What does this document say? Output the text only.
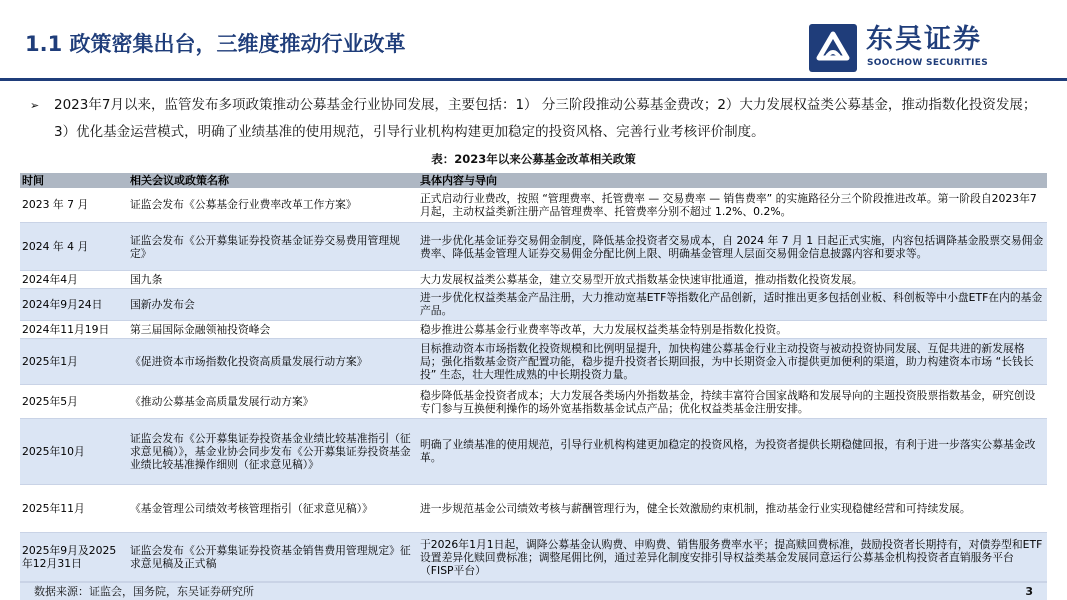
1.1 政策密集出台，三维度推动行业改革	东吴证券
SOOCHOW SECURITIES
➢	2023年7月以来，监管发布多项政策推动公募基金行业协同发展，主要包括：1） 分三阶段推动公募基金费改；2）大力发展权益类公募基金，推动指数化投资发展；3）优化基金运营模式，明确了业绩基准的使用规范，引导行业机构构建更加稳定的投资风格、完善行业考核评价制度。
表：2023年以来公募基金改革相关政策
时间	相关会议或政策名称	具体内容与导向
2023 年 7 月	证监会发布《公募基金行业费率改革工作方案》	正式启动行业费改，按照 “管理费率、托管费率 — 交易费率 — 销售费率” 的实施路径分三个阶段推进改革。第一阶段自2023年7月起，主动权益类新注册产品管理费率、托管费率分别不超过 1.2%、0.2%。
2024 年 4 月	证监会发布《公开募集证券投资基金证券交易费用管理规定》	进一步优化基金证券交易佣金制度，降低基金投资者交易成本，自 2024 年 7 月 1 日起正式实施，内容包括调降基金股票交易佣金费率、降低基金管理人证券交易佣金分配比例上限、明确基金管理人层面交易佣金信息披露内容和要求等。
2024年4月	国九条	大力发展权益类公募基金，建立交易型开放式指数基金快速审批通道，推动指数化投资发展。
2024年9月24日	国新办发布会	进一步优化权益类基金产品注册，大力推动宽基ETF等指数化产品创新，适时推出更多包括创业板、科创板等中小盘ETF在内的基金产品。
2024年11月19日	第三届国际金融领袖投资峰会	稳步推进公募基金行业费率等改革，大力发展权益类基金特别是指数化投资。
2025年1月	《促进资本市场指数化投资高质量发展行动方案》	目标推动资本市场指数化投资规模和比例明显提升，加快构建公募基金行业主动投资与被动投资协同发展、互促共进的新发展格局；强化指数基金资产配置功能，稳步提升投资者长期回报，为中长期资金入市提供更加便利的渠道，助力构建资本市场 “长钱长投” 生态，壮大理性成熟的中长期投资力量。
2025年5月	《推动公募基金高质量发展行动方案》	稳步降低基金投资者成本；大力发展各类场内外指数基金，持续丰富符合国家战略和发展导向的主题投资股票指数基金，研究创设专门参与互换便利操作的场外宽基指数基金试点产品；优化权益类基金注册安排。
2025年10月	证监会发布《公开募集证券投资基金业绩比较基准指引（征求意见稿）》，基金业协会同步发布《公开募集证券投资基金业绩比较基准操作细则（征求意见稿）》	明确了业绩基准的使用规范，引导行业机构构建更加稳定的投资风格，为投资者提供长期稳健回报，有利于进一步落实公募基金改革。
2025年11月	《基金管理公司绩效考核管理指引（征求意见稿）》	进一步规范基金公司绩效考核与薪酬管理行为，健全长效激励约束机制，推动基金行业实现稳健经营和可持续发展。
2025年9月及2025年12月31日	证监会发布《公开募集证券投资基金销售费用管理规定》征求意见稿及正式稿	于2026年1月1日起，调降公募基金认购费、申购费、销售服务费率水平；提高赎回费标准，鼓励投资者长期持有，对债券型和ETF设置差异化赎回费标准；调整尾佣比例，通过差异化制度安排引导权益类基金发展同意运行公募基金机构投资者直销服务平台（FISP平台）
数据来源：证监会，国务院，东吴证券研究所	3
